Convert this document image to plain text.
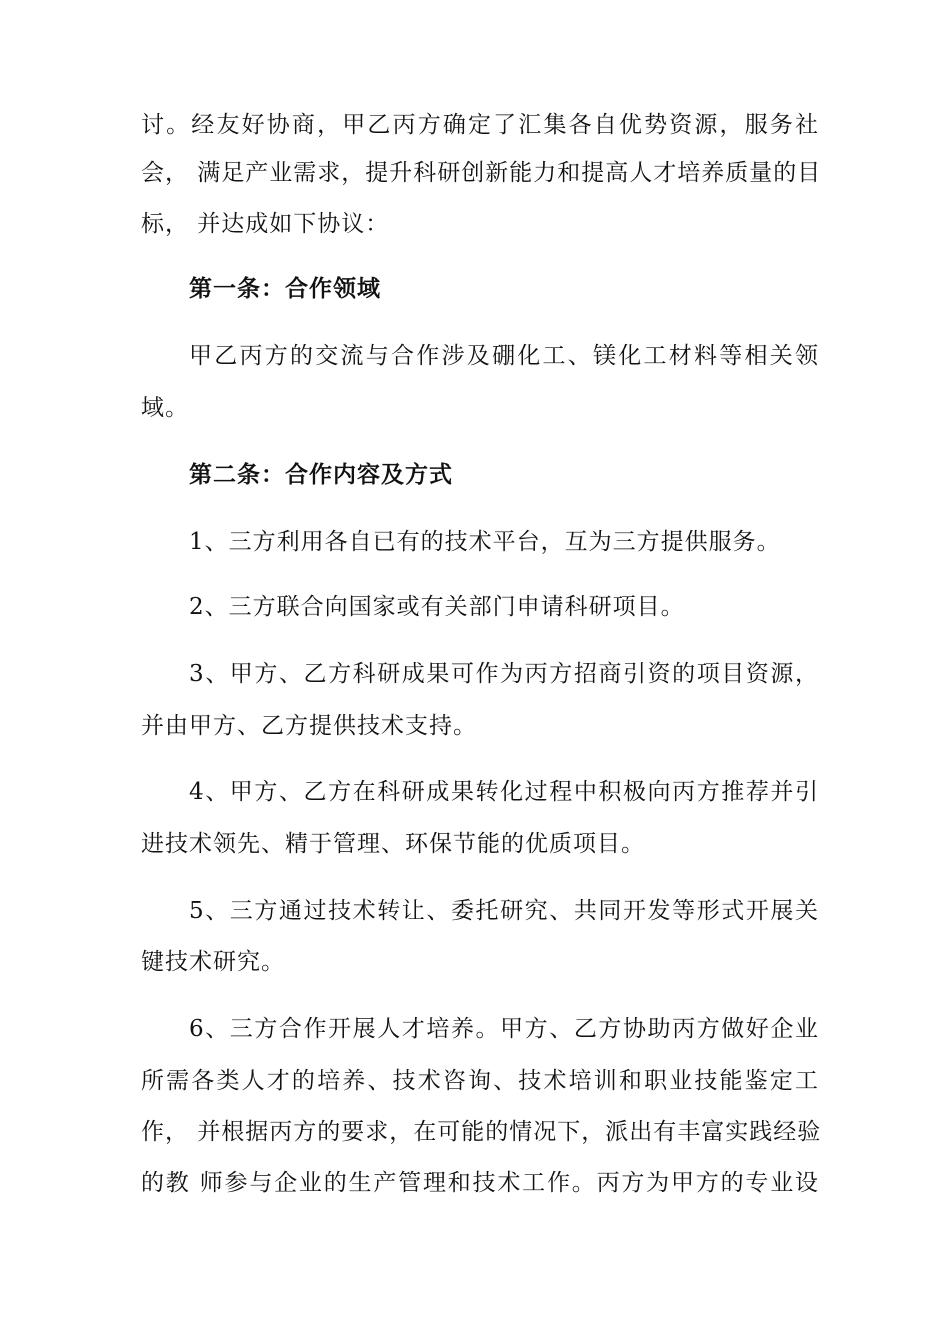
讨。经友好协商，甲乙丙方确定了汇集各自优势资源，服务社
会， 满足产业需求，提升科研创新能力和提高人才培养质量的目
标， 并达成如下协议：
第一条：合作领域
甲乙丙方的交流与合作涉及硼化工、镁化工材料等相关领
域。
第二条：合作内容及方式
1、三方利用各自已有的技术平台，互为三方提供服务。
2、三方联合向国家或有关部门申请科研项目。
3、甲方、乙方科研成果可作为丙方招商引资的项目资源，
并由甲方、乙方提供技术支持。
4、甲方、乙方在科研成果转化过程中积极向丙方推荐并引
进技术领先、精于管理、环保节能的优质项目。
5、三方通过技术转让、委托研究、共同开发等形式开展关
键技术研究。
6、三方合作开展人才培养。甲方、乙方协助丙方做好企业
所需各类人才的培养、技术咨询、技术培训和职业技能鉴定工
作， 并根据丙方的要求，在可能的情况下，派出有丰富实践经验
的教 师参与企业的生产管理和技术工作。丙方为甲方的专业设
